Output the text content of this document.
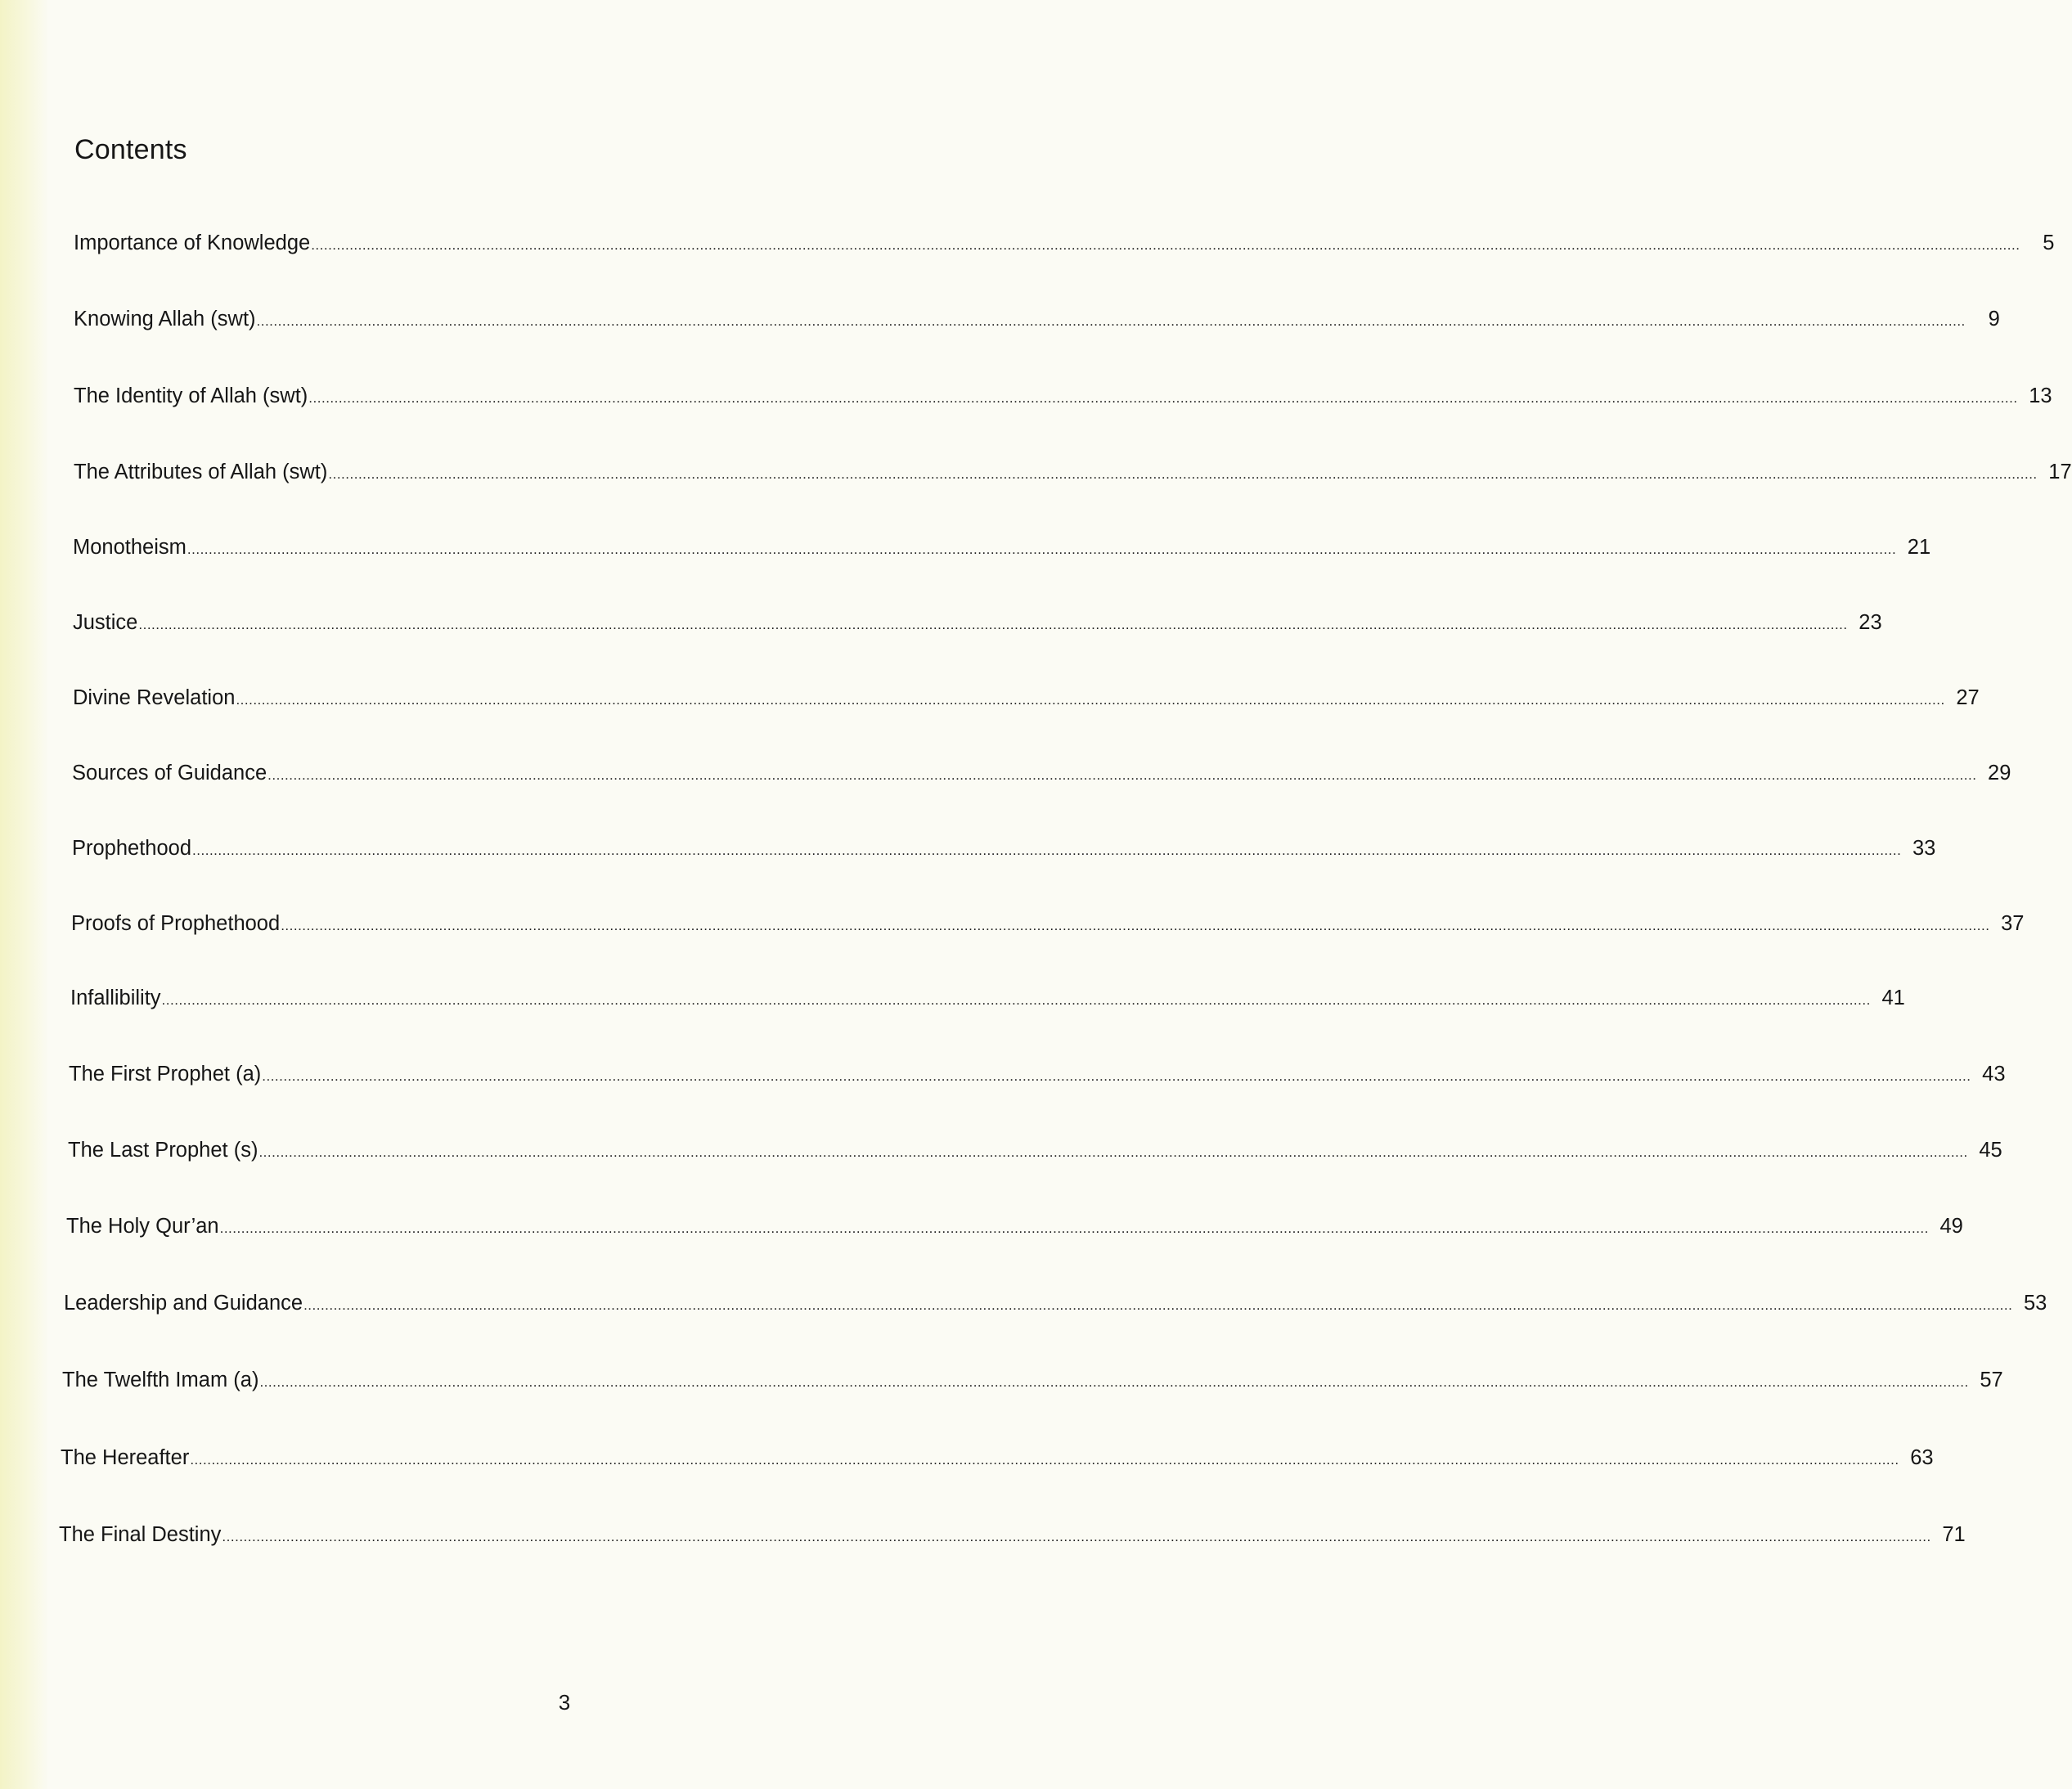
Contents
Importance of Knowledge ................................................................................................................................................................................................................................................................................................................................................................................................................	5
Knowing Allah (swt) ................................................................................................................................................................................................................................................................................................................................................................................................................	9
The Identity of Allah (swt) ................................................................................................................................................................................................................................................................................................................................................................................................................ 13
The Attributes of Allah (swt) ................................................................................................................................................................................................................................................................................................................................................................................................................ 17
Monotheism ................................................................................................................................................................................................................................................................................................................................................................................................................ 21
Justice ................................................................................................................................................................................................................................................................................................................................................................................................................ 23
Divine Revelation ................................................................................................................................................................................................................................................................................................................................................................................................................ 27
Sources of Guidance ................................................................................................................................................................................................................................................................................................................................................................................................................ 29
Prophethood ................................................................................................................................................................................................................................................................................................................................................................................................................ 33
Proofs of Prophethood ................................................................................................................................................................................................................................................................................................................................................................................................................ 37
Infallibility ................................................................................................................................................................................................................................................................................................................................................................................................................ 41
The First Prophet (a) ................................................................................................................................................................................................................................................................................................................................................................................................................ 43
The Last Prophet (s) ................................................................................................................................................................................................................................................................................................................................................................................................................ 45
The Holy Qur’an ................................................................................................................................................................................................................................................................................................................................................................................................................ 49
Leadership and Guidance ................................................................................................................................................................................................................................................................................................................................................................................................................ 53
The Twelfth Imam (a) ................................................................................................................................................................................................................................................................................................................................................................................................................ 57
The Hereafter ................................................................................................................................................................................................................................................................................................................................................................................................................ 63
The Final Destiny ................................................................................................................................................................................................................................................................................................................................................................................................................ 71
3
